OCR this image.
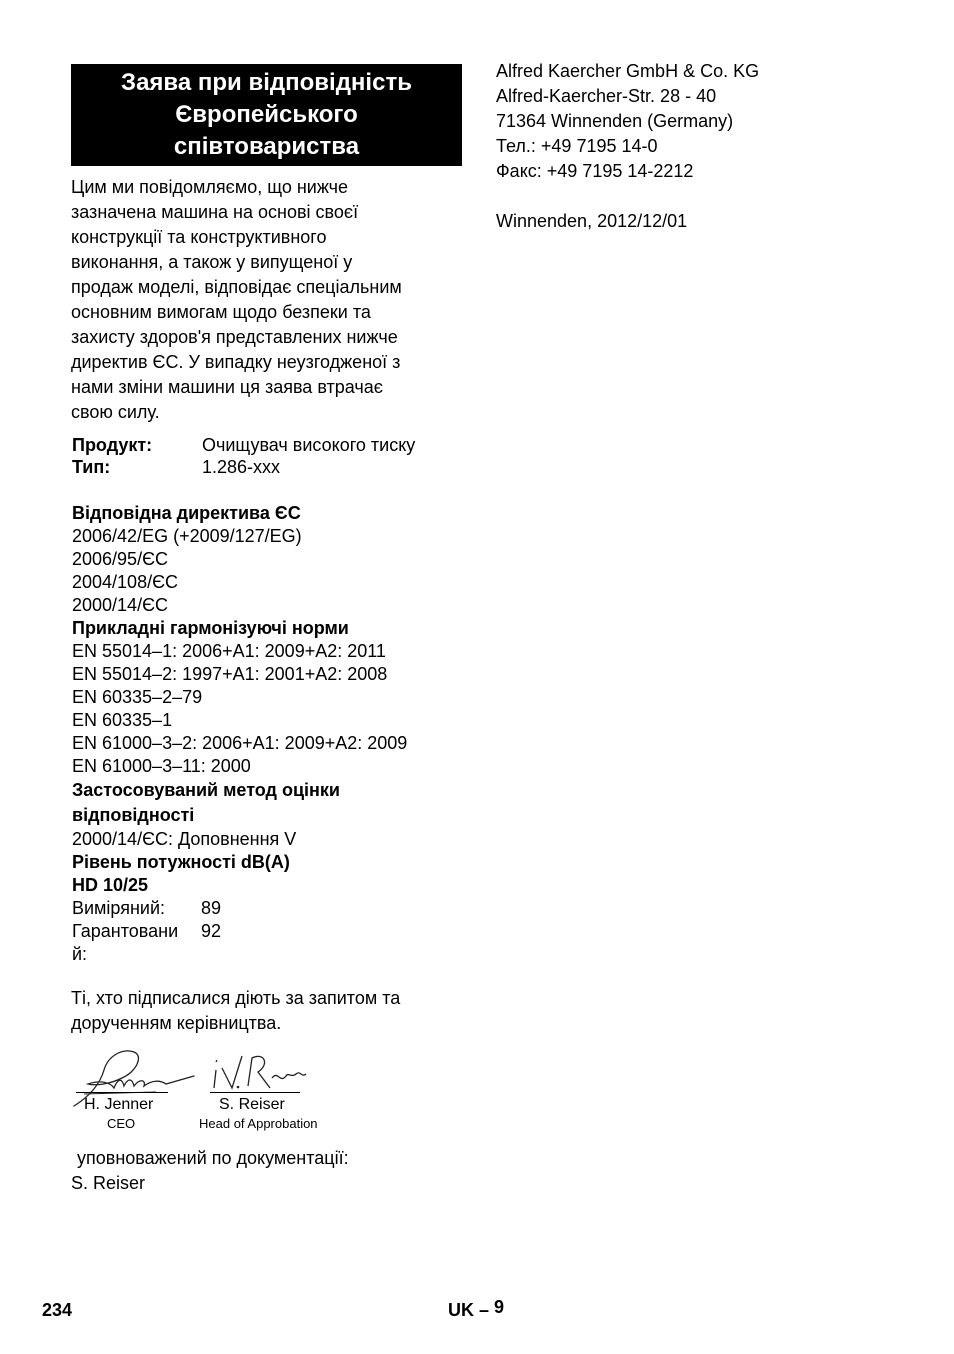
Заява при відповідність
Європейського
співтовариства
Цим ми повідомляємо, що нижче
зазначена машина на основі своєї
конструкції та конструктивного
виконання, а також у випущеної у
продаж моделі, відповідає спеціальним
основним вимогам щодо безпеки та
захисту здоров'я представлених нижче
директив ЄС. У випадку неузгодженої з
нами зміни машини ця заява втрачає
свою силу.
Продукт:	Очищувач високого тиску
Тип:	1.286-xxx
Відповідна директива ЄС
2006/42/EG (+2009/127/EG)
2006/95/ЄС
2004/108/ЄС
2000/14/ЄС
Прикладні гармонізуючі норми
EN 55014–1: 2006+A1: 2009+A2: 2011
EN 55014–2: 1997+A1: 2001+A2: 2008
EN 60335–2–79
EN 60335–1
EN 61000–3–2: 2006+A1: 2009+A2: 2009
EN 61000–3–11: 2000
Застосовуваний метод оцінки
відповідності
2000/14/ЄС: Доповнення V
Рівень потужності dB(A)
HD 10/25
Виміряний: 89
Гарантовани 92
й:
Ті, хто підписалися діють за запитом та
дорученням керівництва.
H. Jenner
CEO
S. Reiser
Head of Approbation
уповноважений по документації:
S. Reiser
Alfred Kaercher GmbH & Co. KG
Alfred-Kaercher-Str. 28 - 40
71364 Winnenden (Germany)
Тел.: +49 7195 14-0
Факс: +49 7195 14-2212
Winnenden, 2012/12/01
234	UK – 9
